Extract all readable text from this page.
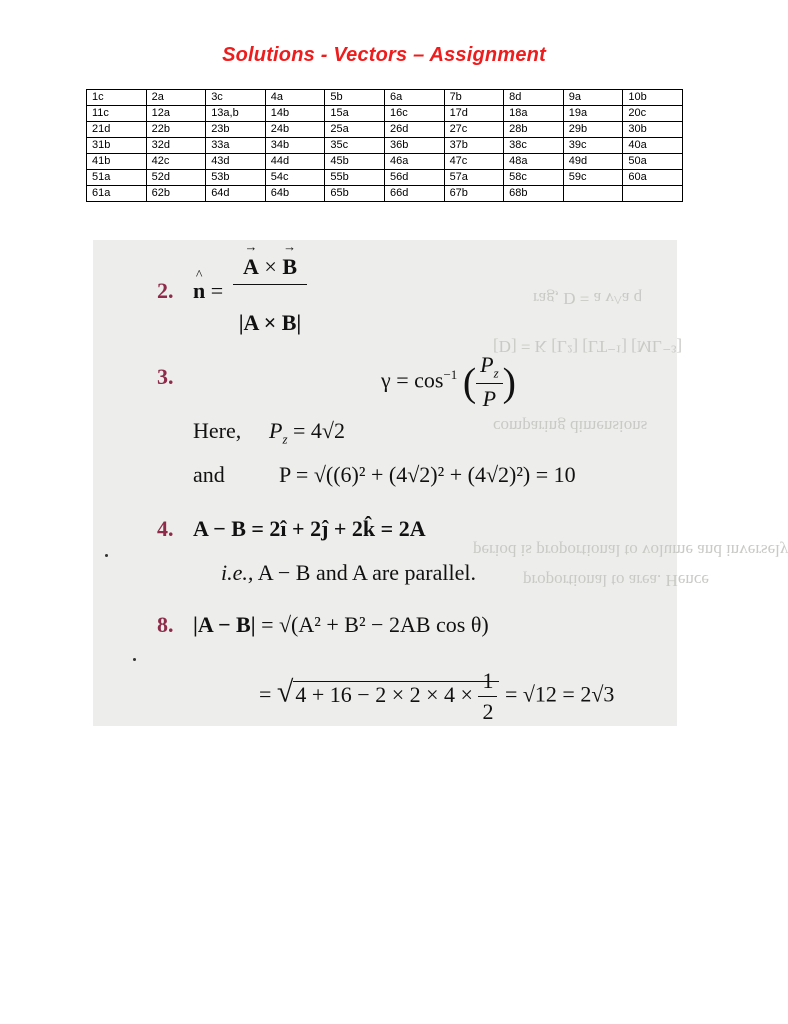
Solutions - Vectors – Assignment
1c	2a	3c	4a	5b	6a	7b	8d	9a	10b
11c	12a	13a,b	14b	15a	16c	17d	18a	19a	20c
21d	22b	23b	24b	25a	26d	27c	28b	29b	30b
31b	32d	33a	34b	35c	36b	37b	38c	39c	40a
41b	42c	43d	44d	45b	46a	47c	48a	49d	50a
51a	52d	53b	54c	55b	56d	57a	58c	59c	60a
61a	62b	64d	64b	65b	66d	67b	68b		
rag, D = a v^a q
[D] = K [L²] [LT⁻¹] [ML⁻³]
comparing dimensions
period is proportional to volume and inversely
proportional to area. Hence
2. ^ n =
→ A × → B
|A × B|
3.	$\gamma = \cos^{-1}$ ( $\frac{P_z}{P}$ )
Here, $P_z = 4√2$
and P = √((6)² + (4√2)² + (4√2)²) = 10
4. A − B = 2î + 2ĵ + 2k̂ = 2A
i.e., A − B and A are parallel.
8. |A − B| = √(A² + B² − 2AB cos θ)
= $√4 + 16 - 2 \times 2 \times 4 \times \frac{1}{2} = √12 = 2√3$
